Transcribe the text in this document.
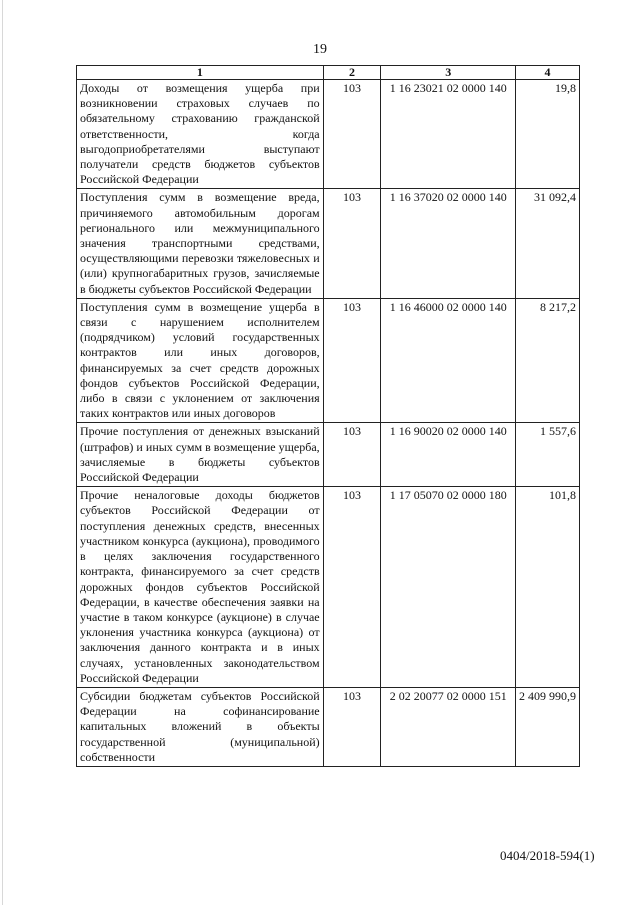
19
1	2	3	4
Доходы от возмещения ущерба при возникновении страховых случаев по обязательному страхованию гражданской ответственности, когда выгодоприобретателями выступают получатели средств бюджетов субъектов Российской Федерации	103	1 16 23021 02 0000 140	19,8
Поступления сумм в возмещение вреда, причиняемого автомобильным дорогам регионального или межмуниципального значения транспортными средствами, осуществляющими перевозки тяжеловесных и (или) крупногабаритных грузов, зачисляемые в бюджеты субъектов Российской Федерации	103	1 16 37020 02 0000 140	31 092,4
Поступления сумм в возмещение ущерба в связи с нарушением исполнителем (подрядчиком) условий государственных контрактов или иных договоров, финансируемых за счет средств дорожных фондов субъектов Российской Федерации, либо в связи с уклонением от заключения таких контрактов или иных договоров	103	1 16 46000 02 0000 140	8 217,2
Прочие поступления от денежных взысканий (штрафов) и иных сумм в возмещение ущерба, зачисляемые в бюджеты субъектов Российской Федерации	103	1 16 90020 02 0000 140	1 557,6
Прочие неналоговые доходы бюджетов субъектов Российской Федерации от поступления денежных средств, внесенных участником конкурса (аукциона), проводимого в целях заключения государственного контракта, финансируемого за счет средств дорожных фондов субъектов Российской Федерации, в качестве обеспечения заявки на участие в таком конкурсе (аукционе) в случае уклонения участника конкурса (аукциона) от заключения данного контракта и в иных случаях, установленных законодательством Российской Федерации	103	1 17 05070 02 0000 180	101,8
Субсидии бюджетам субъектов Российской Федерации на софинансирование капитальных вложений в объекты государственной (муниципальной) собственности	103	2 02 20077 02 0000 151	2 409 990,9
0404/2018-594(1)
